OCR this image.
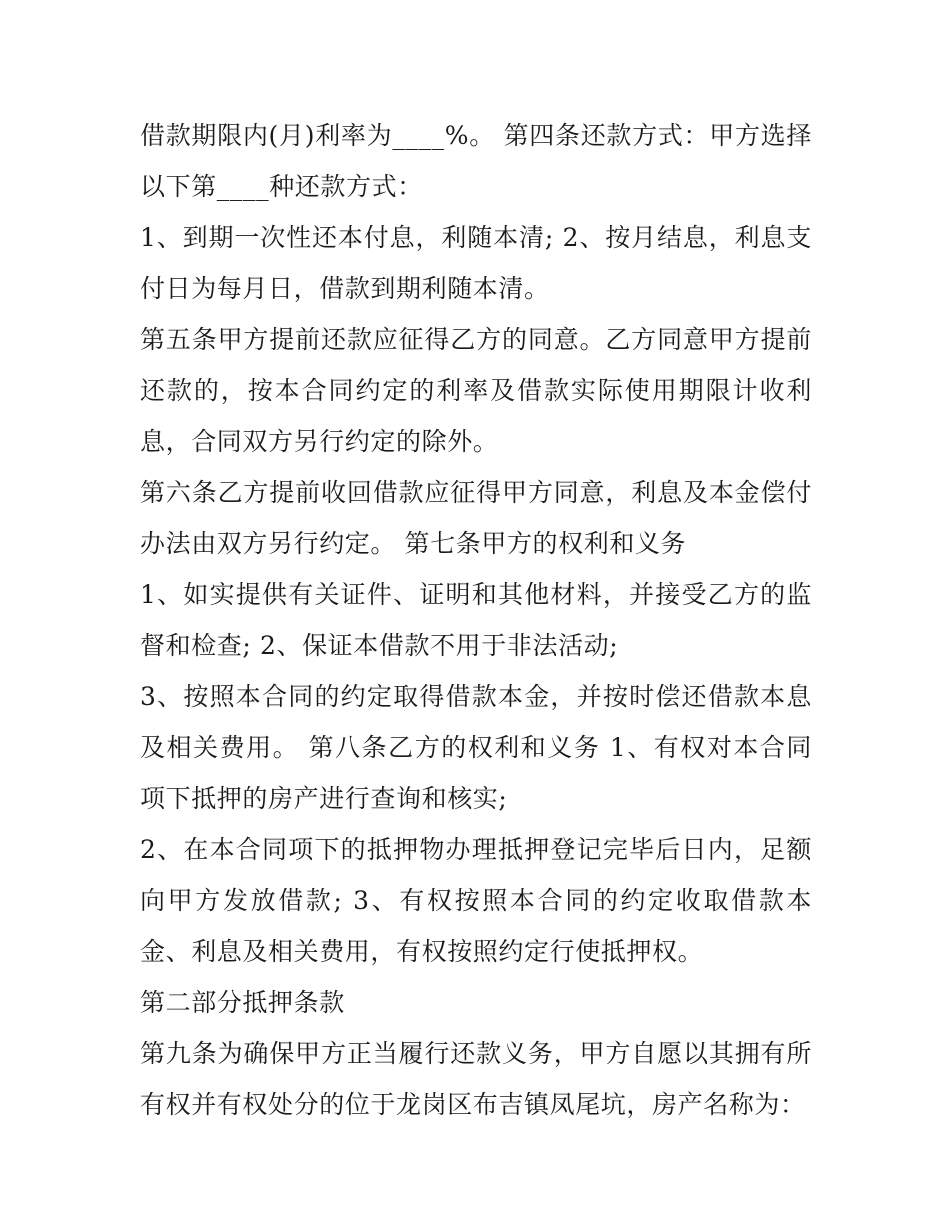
借款期限内(月)利率为____%。 第四条还款方式：甲方选择以下第____种还款方式：

1、到期一次性还本付息，利随本清; 2、按月结息，利息支付日为每月日，借款到期利随本清。

第五条甲方提前还款应征得乙方的同意。乙方同意甲方提前还款的，按本合同约定的利率及借款实际使用期限计收利息，合同双方另行约定的除外。

第六条乙方提前收回借款应征得甲方同意，利息及本金偿付办法由双方另行约定。 第七条甲方的权利和义务

1、如实提供有关证件、证明和其他材料，并接受乙方的监督和检查; 2、保证本借款不用于非法活动;

3、按照本合同的约定取得借款本金，并按时偿还借款本息及相关费用。 第八条乙方的权利和义务 1、有权对本合同项下抵押的房产进行查询和核实;

2、在本合同项下的抵押物办理抵押登记完毕后日内，足额向甲方发放借款; 3、有权按照本合同的约定收取借款本金、利息及相关费用，有权按照约定行使抵押权。

第二部分抵押条款

第九条为确保甲方正当履行还款义务，甲方自愿以其拥有所有权并有权处分的位于龙岗区布吉镇凤尾坑，房产名称为：
